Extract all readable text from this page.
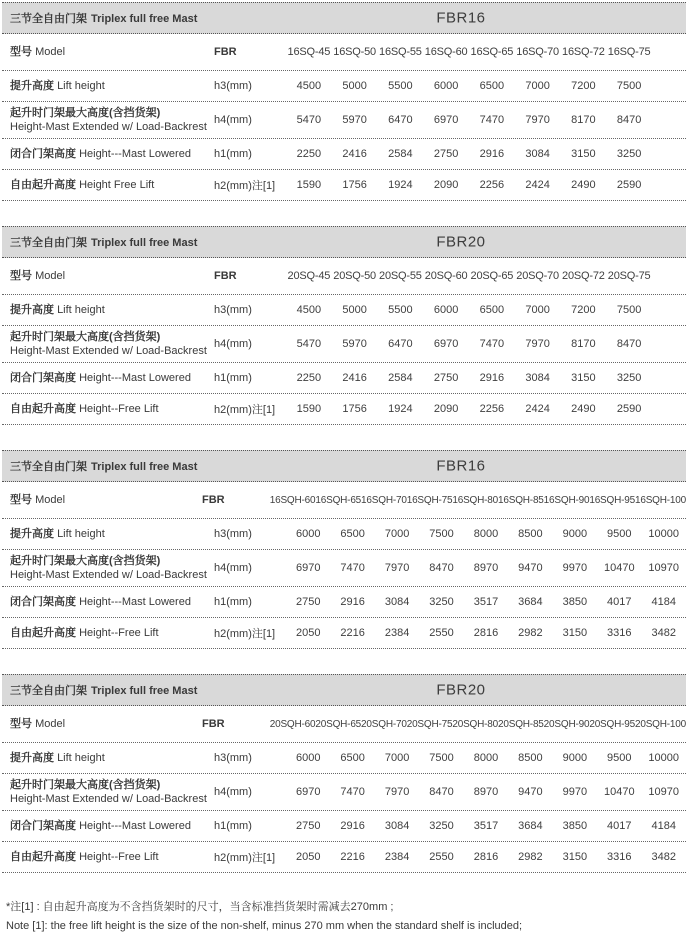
三节全自由门架 Triplex full free Mast	FBR16
型号 Model	FBR	16SQ-45 16SQ-50 16SQ-55 16SQ-60 16SQ-65 16SQ-70 16SQ-72 16SQ-75
提升高度 Lift height	h3(mm)	4500	5000	5500	6000	6500	7000	7200	7500
起升时门架最大高度(含挡货架)
Height-Mast Extended w/ Load-Backrest
h4(mm)	5470	5970	6470	6970	7470	7970	8170	8470
闭合门架高度 Height---Mast Lowered	h1(mm)	2250	2416	2584	2750	2916	3084	3150	3250
自由起升高度 Height Free Lift	h2(mm)注[1]	1590	1756	1924	2090	2256	2424	2490	2590
三节全自由门架 Triplex full free Mast	FBR20
型号 Model	FBR	20SQ-45 20SQ-50 20SQ-55 20SQ-60 20SQ-65 20SQ-70 20SQ-72 20SQ-75
提升高度 Lift height	h3(mm)	4500	5000	5500	6000	6500	7000	7200	7500
起升时门架最大高度(含挡货架)
Height-Mast Extended w/ Load-Backrest
h4(mm)	5470	5970	6470	6970	7470	7970	8170	8470
闭合门架高度 Height---Mast Lowered	h1(mm)	2250	2416	2584	2750	2916	3084	3150	3250
自由起升高度 Height--Free Lift	h2(mm)注[1]	1590	1756	1924	2090	2256	2424	2490	2590
三节全自由门架 Triplex full free Mast	FBR16
型号 Model	FBR	16SQH-60 16SQH-65 16SQH-70 16SQH-75 16SQH-80 16SQH-85 16SQH-90 16SQH-95 16SQH-100
提升高度 Lift height	h3(mm)	6000	6500	7000	7500	8000	8500	9000	9500	10000
起升时门架最大高度(含挡货架)
Height-Mast Extended w/ Load-Backrest
h4(mm)	6970	7470	7970	8470	8970	9470	9970	10470	10970
闭合门架高度 Height---Mast Lowered	h1(mm)	2750	2916	3084	3250	3517	3684	3850	4017	4184
自由起升高度 Height--Free Lift	h2(mm)注[1]	2050	2216	2384	2550	2816	2982	3150	3316	3482
三节全自由门架 Triplex full free Mast	FBR20
型号 Model	FBR	20SQH-60 20SQH-65 20SQH-70 20SQH-75 20SQH-80 20SQH-85 20SQH-90 20SQH-95 20SQH-100
提升高度 Lift height	h3(mm)	6000	6500	7000	7500	8000	8500	9000	9500	10000
起升时门架最大高度(含挡货架)
Height-Mast Extended w/ Load-Backrest
h4(mm)	6970	7470	7970	8470	8970	9470	9970	10470	10970
闭合门架高度 Height---Mast Lowered	h1(mm)	2750	2916	3084	3250	3517	3684	3850	4017	4184
自由起升高度 Height--Free Lift	h2(mm)注[1]	2050	2216	2384	2550	2816	2982	3150	3316	3482
*注[1] : 自由起升高度为不含挡货架时的尺寸，当含标准挡货架时需减去270mm ;
Note [1]: the free lift height is the size of the non-shelf, minus 270 mm when the standard shelf is included;
